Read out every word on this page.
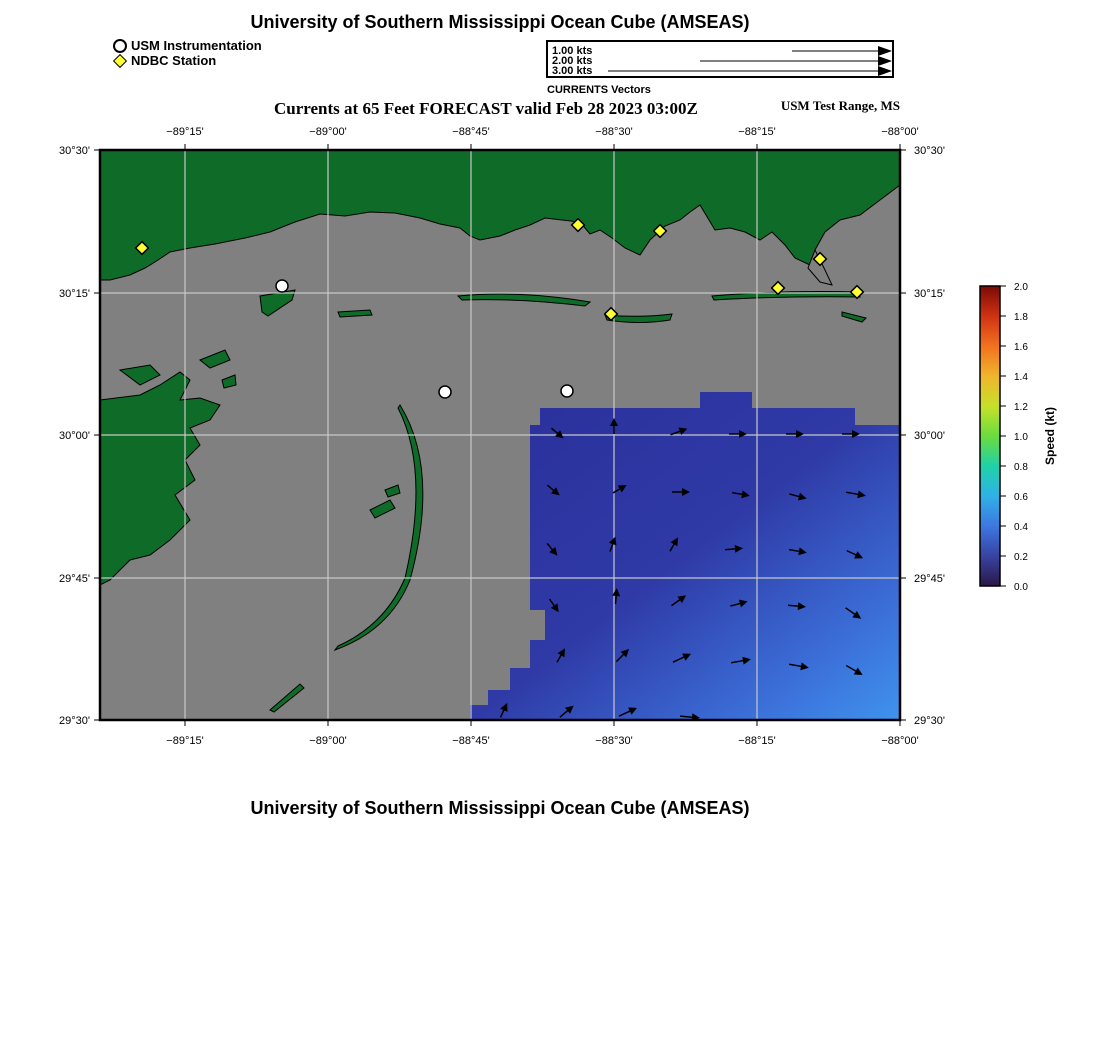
University of Southern Mississippi Ocean Cube (AMSEAS)
University of Southern Mississippi Ocean Cube (AMSEAS)
USM Instrumentation
NDBC Station
1.00 kts
2.00 kts
3.00 kts
CURRENTS Vectors
Currents at 65 Feet FORECAST valid Feb 28 2023 03:00Z	USM Test Range, MS
−89°15'	−89°00'	−88°45'	−88°30'	−88°15'	−88°00'
−89°15'	−89°00'	−88°45'	−88°30'	−88°15'	−88°00'
30°30'
30°15'
30°00'
29°45'
29°30'
30°30'
30°15'
30°00'
29°45'
29°30'
2.0
1.8
1.6
1.4
1.2
1.0
0.8
0.6
0.4
0.2
0.0
Speed (kt)
